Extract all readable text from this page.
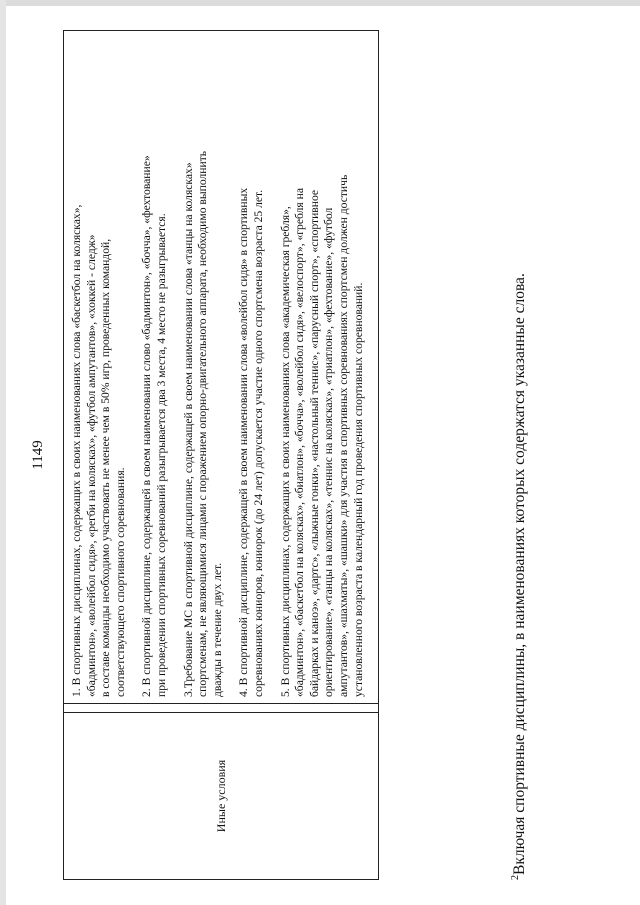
1149
Иные условия		
1. В спортивных дисциплинах, содержащих в своих наименованиях слова «баскетбол на колясках», «бадминтон», «волейбол сидя», «регби на колясках», «футбол ампутантов», «хоккей - следж» в составе команды необходимо участвовать не менее чем в 50% игр, проведенных командой, соответствующего спортивного соревнования. 2. В спортивной дисциплине, содержащей в своем наименовании слово «бадминтон», «бочча», «фехтование» при проведении спортивных соревнований разыгрывается два 3 места, 4 место не разыгрывается. 3.Требование МС в спортивной дисциплине, содержащей в своем наименовании слова «танцы на колясках» спортсменам, не являющимися лицами с поражением опорно-двигательного аппарата, необходимо выполнить дважды в течение двух лет. 4. В спортивной дисциплине, содержащей в своем наименовании слова «волейбол сидя» в спортивных соревнованиях юниоров, юниорок (до 24 лет) допускается участие одного спортсмена возраста 25 лет. 5. В спортивных дисциплинах, содержащих в своих наименованиях слова «академическая гребля», «бадминтон», «баскетбол на колясках», «биатлон», «бочча», «волейбол сидя», «велоспорт», «гребля на байдарках и каноэ», «дартс», «лыжные гонки», «настольный теннис», «парусный спорт», «спортивное ориентирование», «танцы на колясках», «теннис на колясках», «триатлон», «фехтование», «футбол ампутантов», «шахматы», «шашки» для участия в спортивных соревнованиях спортсмен должен достичь установленного возраста в календарный год проведения спортивных соревнований.
$^2$Включая спортивные дисциплины, в наименованиях которых содержатся указанные слова.
